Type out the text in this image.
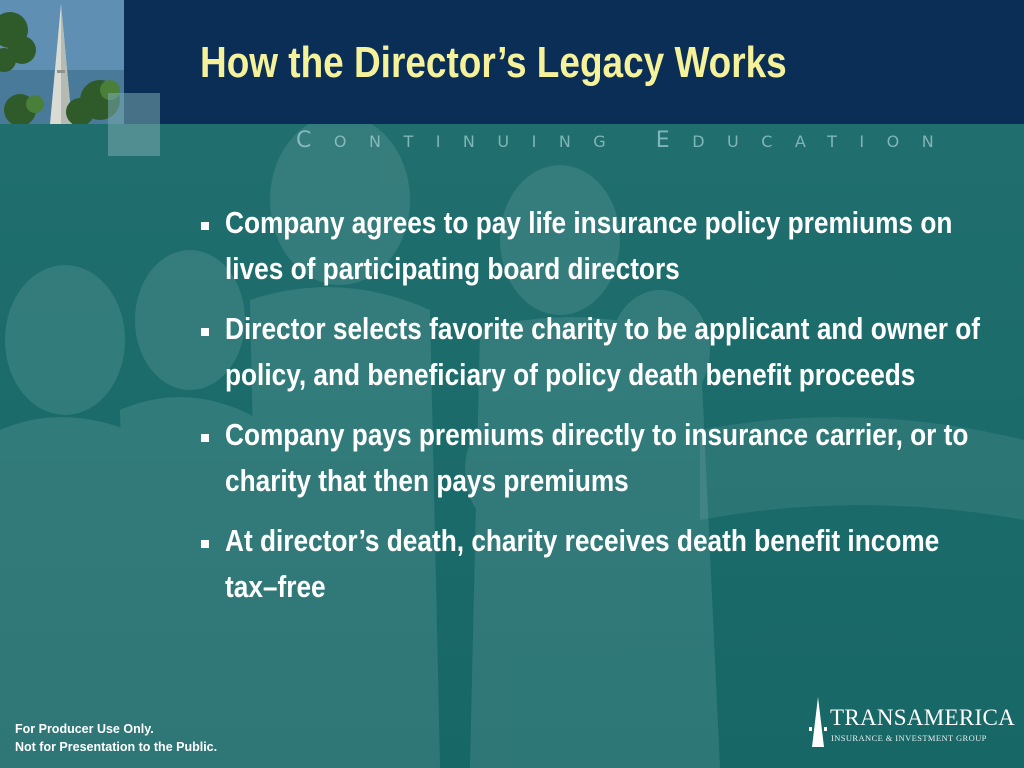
How the Director’s Legacy Works
CONTINUING EDUCATION
Company agrees to pay life insurance policy premiums on lives of participating board directors
Director selects favorite charity to be applicant and owner of policy, and beneficiary of policy death benefit proceeds
Company pays premiums directly to insurance carrier, or to charity that then pays premiums
At director’s death, charity receives death benefit income tax–free
For Producer Use Only.
Not for Presentation to the Public.
TRANSAMERICA
INSURANCE & INVESTMENT GROUP
